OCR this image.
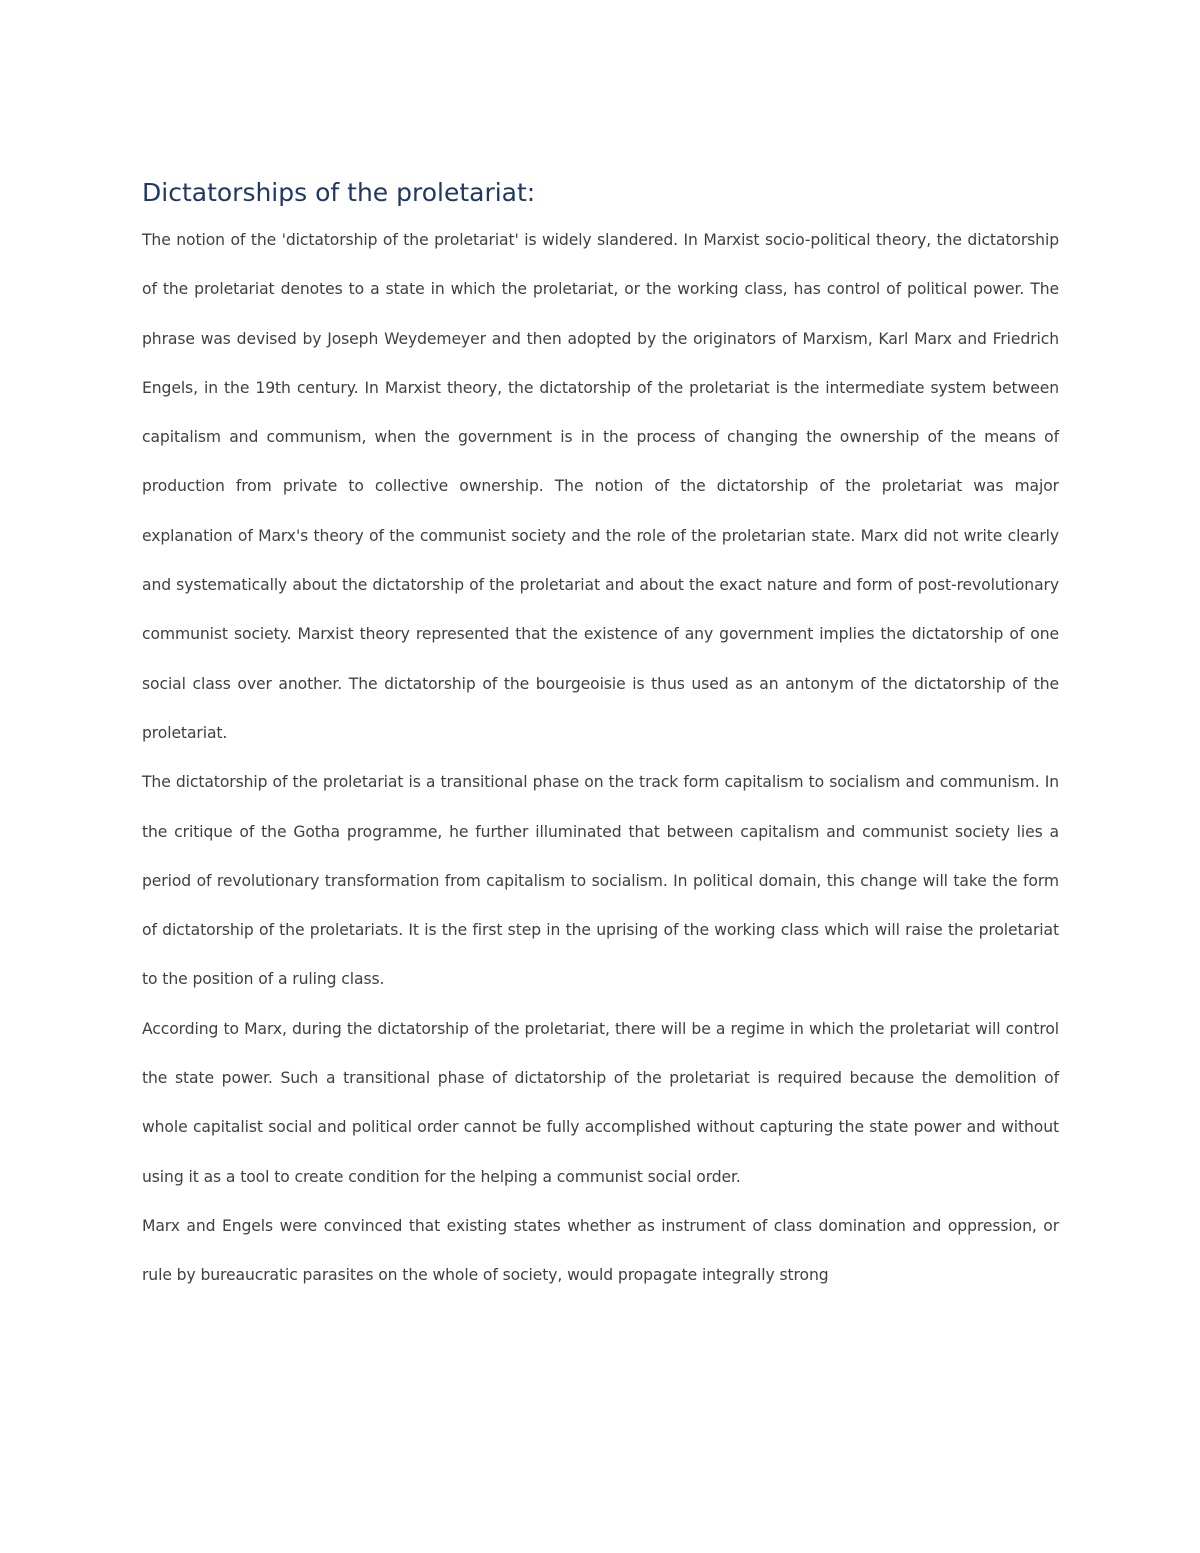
Dictatorships of the proletariat:

The notion of the 'dictatorship of the proletariat' is widely slandered. In Marxist socio-political theory, the dictatorship of the proletariat denotes to a state in which the proletariat, or the working class, has control of political power. The phrase was devised by Joseph Weydemeyer and then adopted by the originators of Marxism, Karl Marx and Friedrich Engels, in the 19th century. In Marxist theory, the dictatorship of the proletariat is the intermediate system between capitalism and communism, when the government is in the process of changing the ownership of the means of production from private to collective ownership. The notion of the dictatorship of the proletariat was major explanation of Marx's theory of the communist society and the role of the proletarian state. Marx did not write clearly and systematically about the dictatorship of the proletariat and about the exact nature and form of post-revolutionary communist society. Marxist theory represented that the existence of any government implies the dictatorship of one social class over another. The dictatorship of the bourgeoisie is thus used as an antonym of the dictatorship of the proletariat.

The dictatorship of the proletariat is a transitional phase on the track form capitalism to socialism and communism. In the critique of the Gotha programme, he further illuminated that between capitalism and communist society lies a period of revolutionary transformation from capitalism to socialism. In political domain, this change will take the form of dictatorship of the proletariats. It is the first step in the uprising of the working class which will raise the proletariat to the position of a ruling class.

According to Marx, during the dictatorship of the proletariat, there will be a regime in which the proletariat will control the state power. Such a transitional phase of dictatorship of the proletariat is required because the demolition of whole capitalist social and political order cannot be fully accomplished without capturing the state power and without using it as a tool to create condition for the helping a communist social order.

Marx and Engels were convinced that existing states whether as instrument of class domination and oppression, or rule by bureaucratic parasites on the whole of society, would propagate integrally strong
